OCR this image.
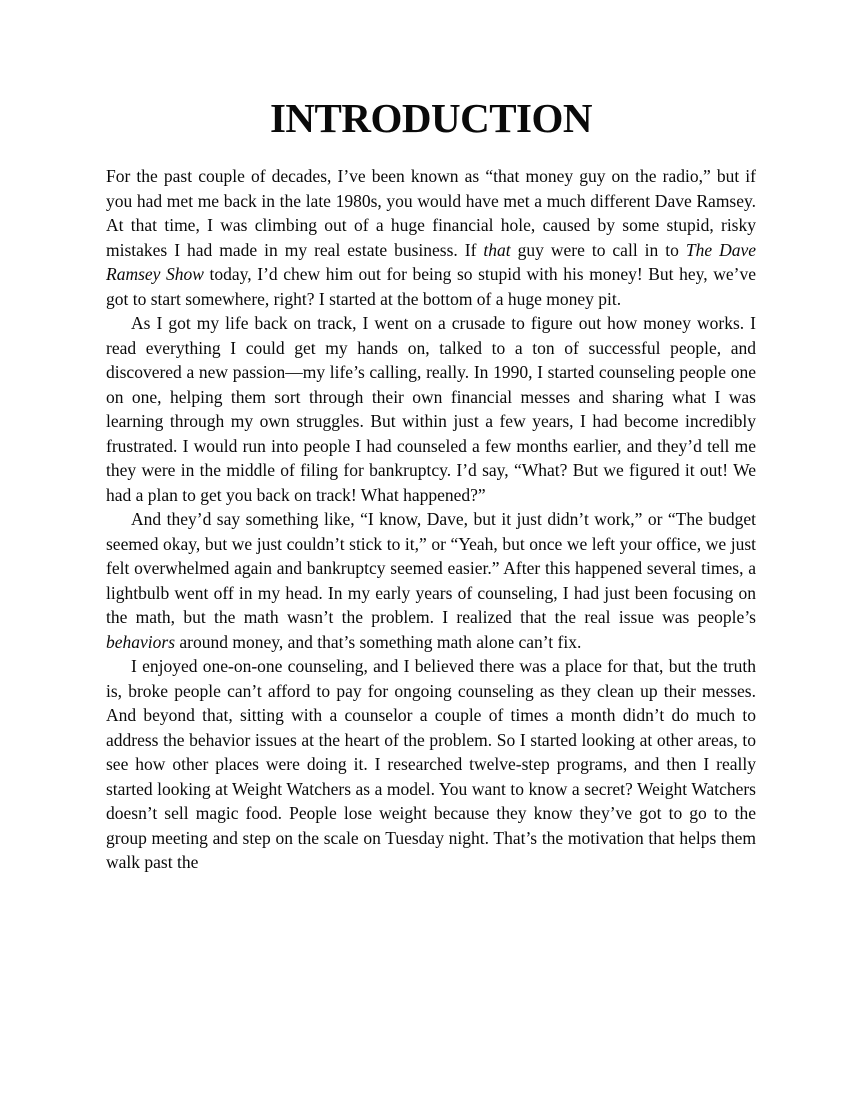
INTRODUCTION

For the past couple of decades, I’ve been known as “that money guy on the radio,” but if you had met me back in the late 1980s, you would have met a much different Dave Ramsey. At that time, I was climbing out of a huge financial hole, caused by some stupid, risky mistakes I had made in my real estate business. If that guy were to call in to The Dave Ramsey Show today, I’d chew him out for being so stupid with his money! But hey, we’ve got to start somewhere, right? I started at the bottom of a huge money pit.

As I got my life back on track, I went on a crusade to figure out how money works. I read everything I could get my hands on, talked to a ton of successful people, and discovered a new passion—my life’s calling, really. In 1990, I started counseling people one on one, helping them sort through their own financial messes and sharing what I was learning through my own struggles. But within just a few years, I had become incredibly frustrated. I would run into people I had counseled a few months earlier, and they’d tell me they were in the middle of filing for bankruptcy. I’d say, “What? But we figured it out! We had a plan to get you back on track! What happened?”

And they’d say something like, “I know, Dave, but it just didn’t work,” or “The budget seemed okay, but we just couldn’t stick to it,” or “Yeah, but once we left your office, we just felt overwhelmed again and bankruptcy seemed easier.” After this happened several times, a lightbulb went off in my head. In my early years of counseling, I had just been focusing on the math, but the math wasn’t the problem. I realized that the real issue was people’s behaviors around money, and that’s something math alone can’t fix.

I enjoyed one-on-one counseling, and I believed there was a place for that, but the truth is, broke people can’t afford to pay for ongoing counseling as they clean up their messes. And beyond that, sitting with a counselor a couple of times a month didn’t do much to address the behavior issues at the heart of the problem. So I started looking at other areas, to see how other places were doing it. I researched twelve-step programs, and then I really started looking at Weight Watchers as a model. You want to know a secret? Weight Watchers doesn’t sell magic food. People lose weight because they know they’ve got to go to the group meeting and step on the scale on Tuesday night. That’s the motivation that helps them walk past the
